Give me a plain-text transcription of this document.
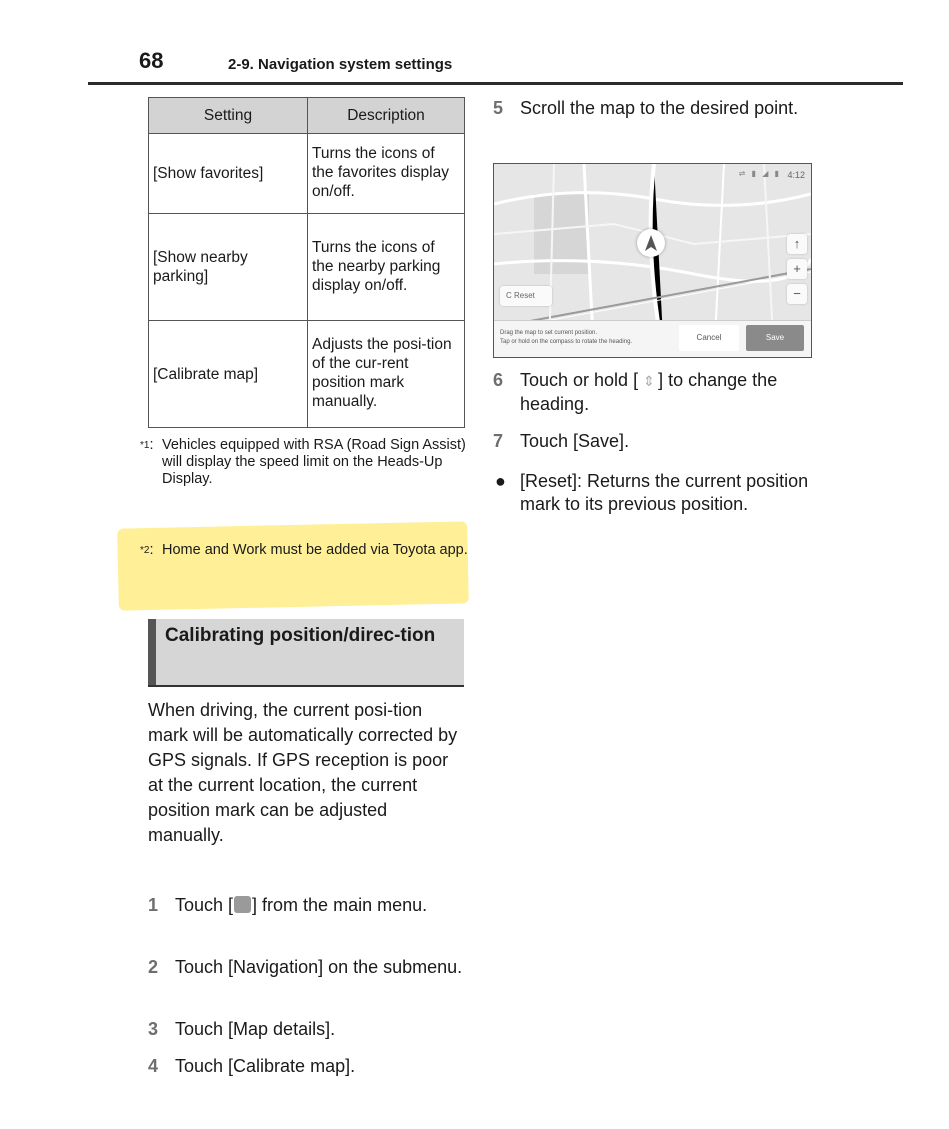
68	2-9. Navigation system settings
Setting	Description
[Show favorites]	Turns the icons of the favorites display on/off.
[Show nearby parking]	Turns the icons of the nearby parking display on/off.
[Calibrate map]	Adjusts the posi-tion of the cur-rent position mark manually.
$^{*1}$: Vehicles equipped with RSA (Road Sign Assist) will display the speed limit on the Heads-Up Display.
$^{*2}$: Home and Work must be added via Toyota app.
Calibrating position/direc-tion
When driving, the current posi-tion mark will be automatically corrected by GPS signals. If GPS reception is poor at the current location, the current position mark can be adjusted manually.
1 Touch [ ] from the main menu.
2 Touch [Navigation] on the submenu.
3 Touch [Map details].
4 Touch [Calibrate map].
5 Scroll the map to the desired point.
⇌ ▮ ◢ ▮ 4:12
C Reset
↑
+
−
Drag the map to set current position.
Tap or hold on the compass to rotate the heading.	Cancel	Save
6 Touch or hold [ ⇕ ] to change the heading.
7 Touch [Save].
● [Reset]: Returns the current position mark to its previous position.
